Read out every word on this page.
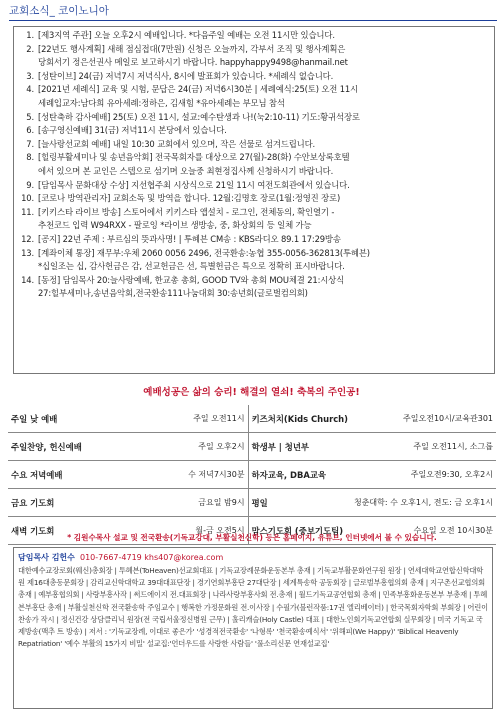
교회소식_ 코이노니아
1. [제3지역 주관] 오늘 오후2시 예배입니다. *다음주일 예배는 오전 11시만 있습니다.
2. [22년도 행사계획] 새해 점심접대(7만원) 신청은 오늘까지, 각부서 조직 및 행사계획은
당회서기 정은선권사 메일로 보고하시기 바랍니다. happyhappy9498@hanmail.net
3. [성탄이브] 24(금) 저녁7시 저녁식사, 8시에 발표회가 있습니다. *세례식 없습니다.
4. [2021년 세례식] 교육 및 시험, 문답은 24(금) 저녁6시30분 | 세례예식:25(토) 오전 11시
세례입교자:남다희 유아세례:정하은, 김새힘 *유아세례는 부모님 참석
5. [성탄축하 감사예배] 25(토) 오전 11시, 설교:예수탄생과 나!(눅2:10-11) 기도:황귀석장로
6. [송구영신예배] 31(금) 저녁11시 본당에서 있습니다.
7. [늘사랑선교회 예배] 내일 10:30 교회에서 있으며, 작은 선물로 섬겨드립니다.
8. [힐링부활세미나 및 송년음악회] 전국목회자를 대상으로 27(월)-28(화) 수안보상록호텔
에서 있으며 본 교인은 스텝으로 섬기며 오늘중 최현정집사께 신청하시기 바랍니다.
9. [담임목사 문화대상 수상] 지선협주최 시상식으로 21일 11시 여전도회관에서 있습니다.
10. [코로나 방역관리자] 교회소독 및 방역을 합니다. 12월:김명호 장로(1월:정영진 장로)
11. [키키스타 라이브 방송] 스토어에서 키키스타 앱설치 - 로그인, 전체동의, 확인열기 -
추천코드 입력 W94RXX - 팔로잉 *라이브 생방송, 중, 화상회의 등 일체 가능
12. [공지] 22년 주제 : 부르심의 뜻과사명! | 투혜븐 CM송 : KBS라디오 89.1 17:29방송
13. [계좌이체 통장] 재무부:우체 2060 0056 2496, 전국환송:농협 355-0056-362813(투혜븐)
*십일조는 십, 감사헌금은 감, 선교헌금은 선, 특별헌금은 특으로 정확히 표시바랍니다.
14. [동정] 담임목사 20:늘사랑예배, 한교총 총회, GOOD TV와 총회 MOU체결 21:시상식
27:힐부세미나,송년음악회,전국환송111나눔대회 30:송년회(글로벌컴의회)
예배성공은 삶의 승리! 해결의 열쇠! 축복의 주인공!
주일 낮 예배	주일 오전11시	키즈처치(Kids Church)	주일오전10시/교육관301
주일찬양, 헌신예배	주일 오후2시	학생부 | 청년부	주일 오전11시, 소그룹
수요 저녁예배	수 저녁7시30분	하자교육, DBA교육	주일오전9:30, 오후2시
금요 기도회	금요일 밤9시	평일	청춘대학: 수 오후1시, 전도: 금 오후1시
새벽 기도회	월-금 오전5시	맘스기도회 (중보기도팀)	수요일 오전 10시30분
담임목사 김헌수 010-7667-4719 khs407@korea.com
대한예수교장로회(웨신)총회장 | 투혜븐(ToHeaven)선교회대표 | 기독교장례문화운동본부 총재 | 기독교부활문화연구원 원장 | 연세대학교연합신학대학원 제16대총동문회장 | 감리교신학대학교 39대대표단장 | 경기연회부흥단 27대단장 | 세계특송학 공동회장 | 글로벌부흥협의회 총재 | 지구촌선교협의회 총재 | 예부흥협의회 | 사랑부흥사작 | 써드에이지 전.대표회장 | 나라사랑부흥사회 전.총재 | 월드기독교공연협회 총재 | 민족부흥화운동본부 부총재 | 투혜븐부흥단 총재 | 부활실천신학 전국환송학 주임교수 | 행복한 가정문화원 전.이사장 | 수필가(블런작품:17권 엘리베이터) | 한국목회자학회 부회장 | 어린이 찬송가 작시 | 정신건강 상담클리닉 원장(전 국립서울정신병원 근무) | 홀리캐슬(Holy Castle) 대표 | 대한노인회기독교연합회 실무회장 | 미국 기독교 국제방송(맥추 트 방송) | 저서 : '기독교장례, 이대로 좋은가' '성경적전국환송' '나형록' '천국환송예식서' '위해피(We Happy)' 'Biblical Heavenly Repatriation' '예수 부활의 15가지 비밀' 설교집:'언더우드를 사랑한 사람들' '풀소리신문 연재설교집'
* 김원수목사 설교 및 전국환송(기독교강대, 부활실천신학) 등은 홈페이지, 유튜브, 인터넷에서 볼 수 있습니다.
